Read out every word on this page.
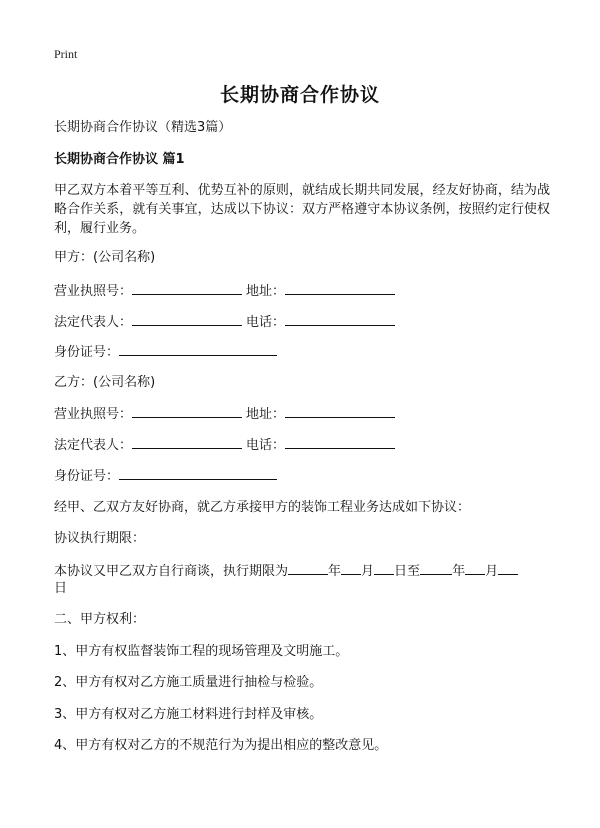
Print
长期协商合作协议
长期协商合作协议（精选3篇）
长期协商合作协议 篇1
甲乙双方本着平等互利、优势互补的原则，就结成长期共同发展，经友好协商，结为战略合作关系，就有关事宜，达成以下协议：双方严格遵守本协议条例，按照约定行使权利，履行业务。
甲方：(公司名称)
营业执照号：	地址：
法定代表人：	电话：
身份证号：
乙方：(公司名称)
营业执照号：	地址：
法定代表人：	电话：
身份证号：
经甲、乙双方友好协商，就乙方承接甲方的装饰工程业务达成如下协议：
协议执行期限：
本协议又甲乙双方自行商谈，执行期限为	年 月 日至 年 月
日
二、甲方权利：
1、甲方有权监督装饰工程的现场管理及文明施工。
2、甲方有权对乙方施工质量进行抽检与检验。
3、甲方有权对乙方施工材料进行封样及审核。
4、甲方有权对乙方的不规范行为为提出相应的整改意见。
